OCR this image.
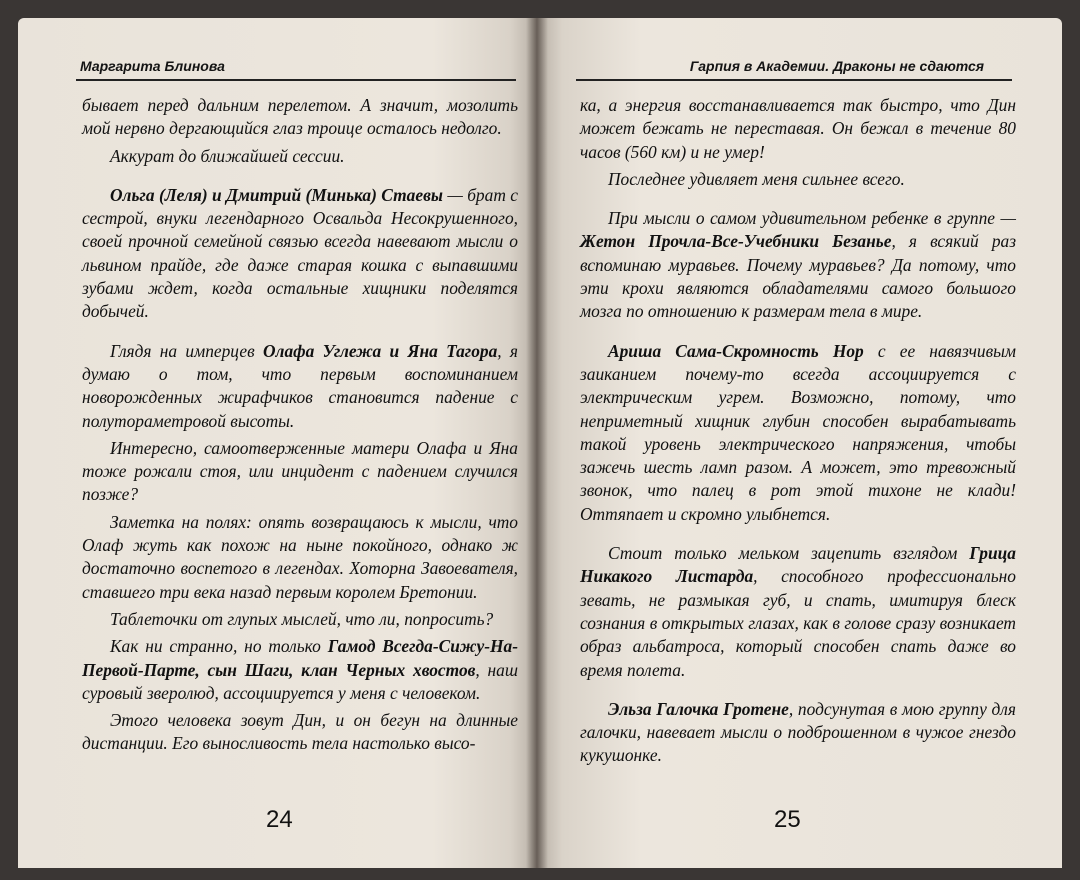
Маргарита Блинова

бывает перед дальним перелетом. А значит, мозолить мой нервно дергающийся глаз троице осталось недолго.

Аккурат до ближайшей сессии.

Ольга (Леля) и Дмитрий (Минька) Стаевы — брат с сестрой, внуки легендарного Освальда Несокрушенного, своей прочной семейной связью всегда навевают мысли о львином прайде, где даже старая кошка с выпавшими зубами ждет, когда остальные хищники поделятся добычей.

Глядя на имперцев Олафа Углежа и Яна Тагора, я думаю о том, что первым воспоминанием новорожденных жирафчиков становится падение с полутораметровой высоты.

Интересно, самоотверженные матери Олафа и Яна тоже рожали стоя, или инцидент с падением случился позже?

Заметка на полях: опять возвращаюсь к мысли, что Олаф жуть как похож на ныне покойного, однако ж достаточно воспетого в легендах. Хоторна Завоевателя, ставшего три века назад первым королем Бретонии.

Таблеточки от глупых мыслей, что ли, попросить?

Как ни странно, но только Гамод Всегда-Сижу-На-Первой-Парте, сын Шаги, клан Черных хвостов, наш суровый зверолюд, ассоциируется у меня с человеком.

Этого человека зовут Дин, и он бегун на длинные дистанции. Его выносливость тела настолько высо-

24
Гарпия в Академии. Драконы не сдаются

ка, а энергия восстанавливается так быстро, что Дин может бежать не переставая. Он бежал в течение 80 часов (560 км) и не умер!

Последнее удивляет меня сильнее всего.

При мысли о самом удивительном ребенке в группе — Жетон Прочла-Все-Учебники Безанье, я всякий раз вспоминаю муравьев. Почему муравьев? Да потому, что эти крохи являются обладателями самого большого мозга по отношению к размерам тела в мире.

Ариша Сама-Скромность Нор с ее навязчивым заиканием почему-то всегда ассоциируется с электрическим угрем. Возможно, потому, что неприметный хищник глубин способен вырабатывать такой уровень электрического напряжения, чтобы зажечь шесть ламп разом. А может, это тревожный звонок, что палец в рот этой тихоне не клади! Оттяпает и скромно улыбнется.

Стоит только мельком зацепить взглядом Грица Никакого Листарда, способного профессионально зевать, не размыкая губ, и спать, имитируя блеск сознания в открытых глазах, как в голове сразу возникает образ альбатроса, который способен спать даже во время полета.

Эльза Галочка Гротене, подсунутая в мою группу для галочки, навевает мысли о подброшенном в чужое гнездо кукушонке.

25
